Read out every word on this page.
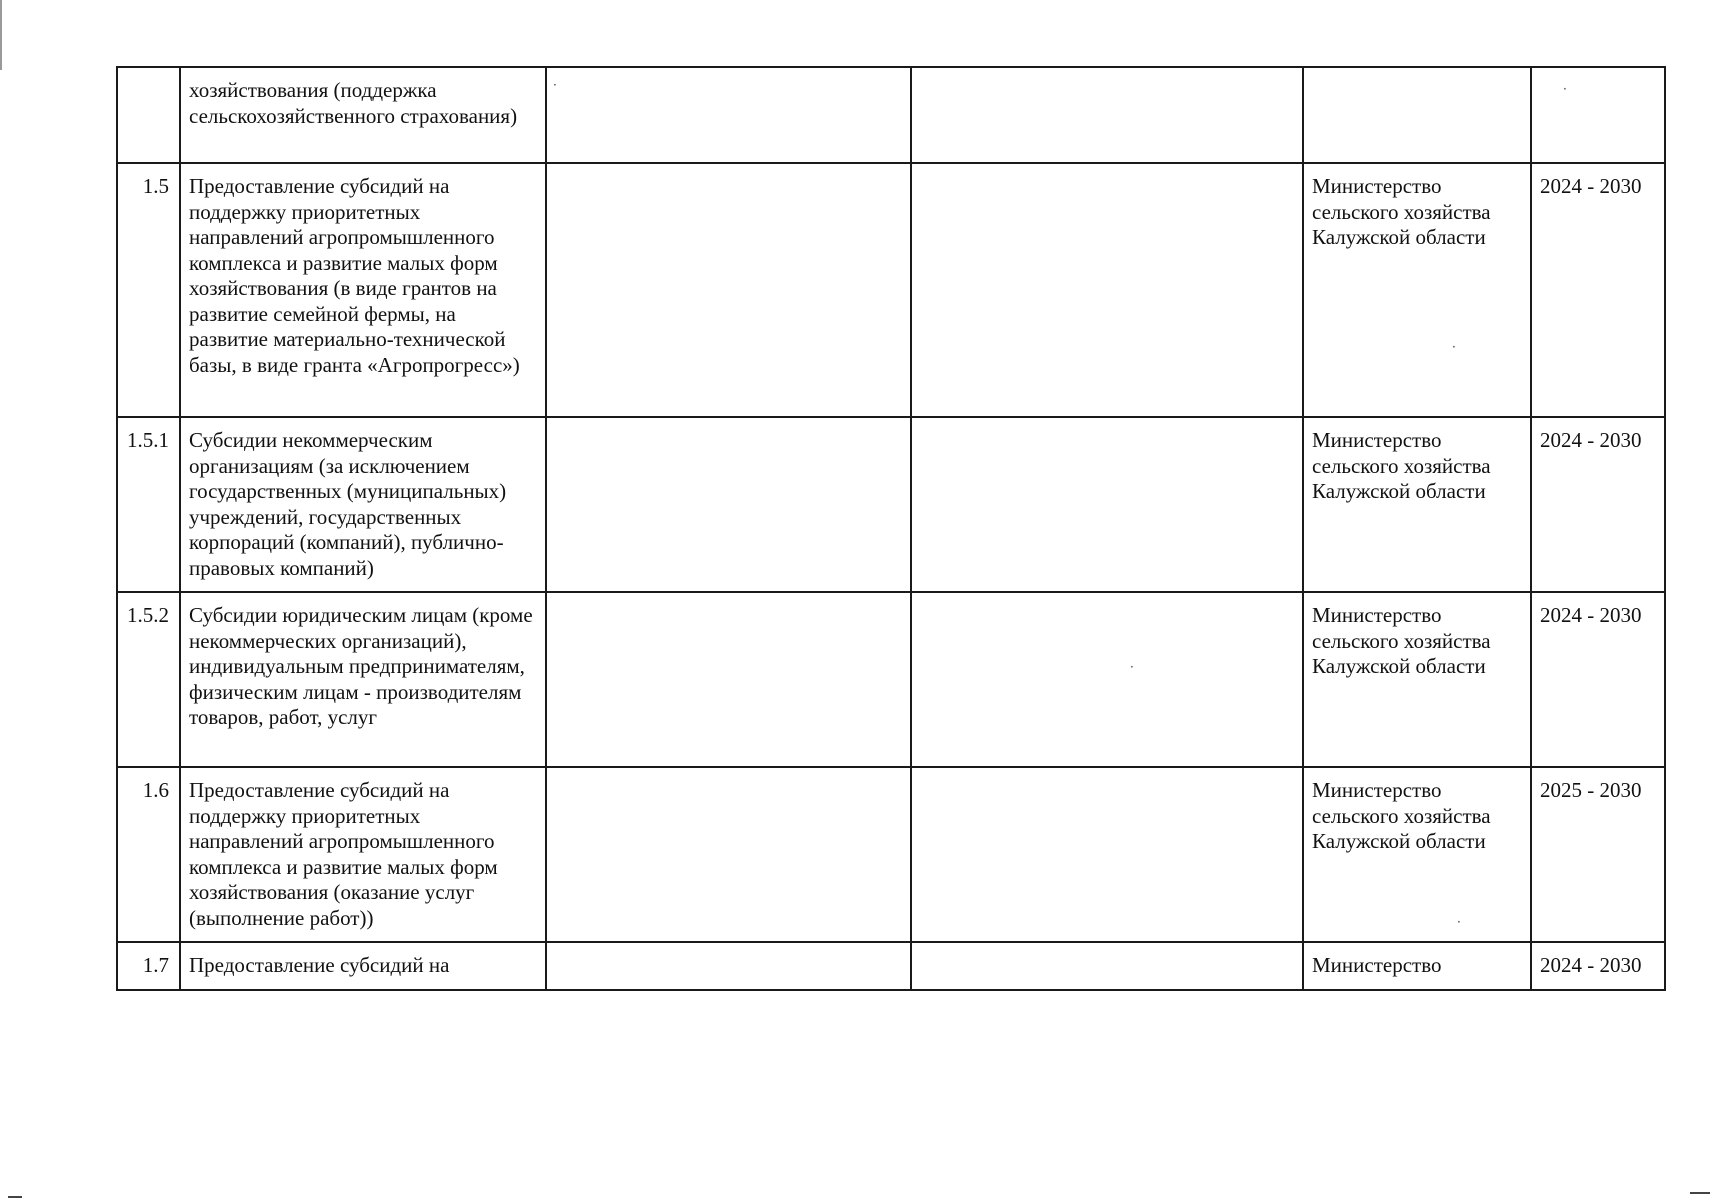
	хозяйствования (поддержка сельскохозяйственного страхования)				
1.5	Предоставление субсидий на поддержку приоритетных направлений агропромышленного комплекса и развитие малых форм хозяйствования (в виде грантов на развитие семейной фермы, на развитие материально-технической базы, в виде гранта «Агропрогресс»)			Министерство сельского хозяйства Калужской области	2024 - 2030
1.5.1	Субсидии некоммерческим организациям (за исключением государственных (муниципальных) учреждений, государственных корпораций (компаний), публично-правовых компаний)			Министерство сельского хозяйства Калужской области	2024 - 2030
1.5.2	Субсидии юридическим лицам (кроме некоммерческих организаций), индивидуальным предпринимателям, физическим лицам - производителям товаров, работ, услуг			Министерство сельского хозяйства Калужской области	2024 - 2030
1.6	Предоставление субсидий на поддержку приоритетных направлений агропромышленного комплекса и развитие малых форм хозяйствования (оказание услуг (выполнение работ))			Министерство сельского хозяйства Калужской области	2025 - 2030
1.7	Предоставление субсидий на			Министерство	2024 - 2030
·	·
·
·
·
